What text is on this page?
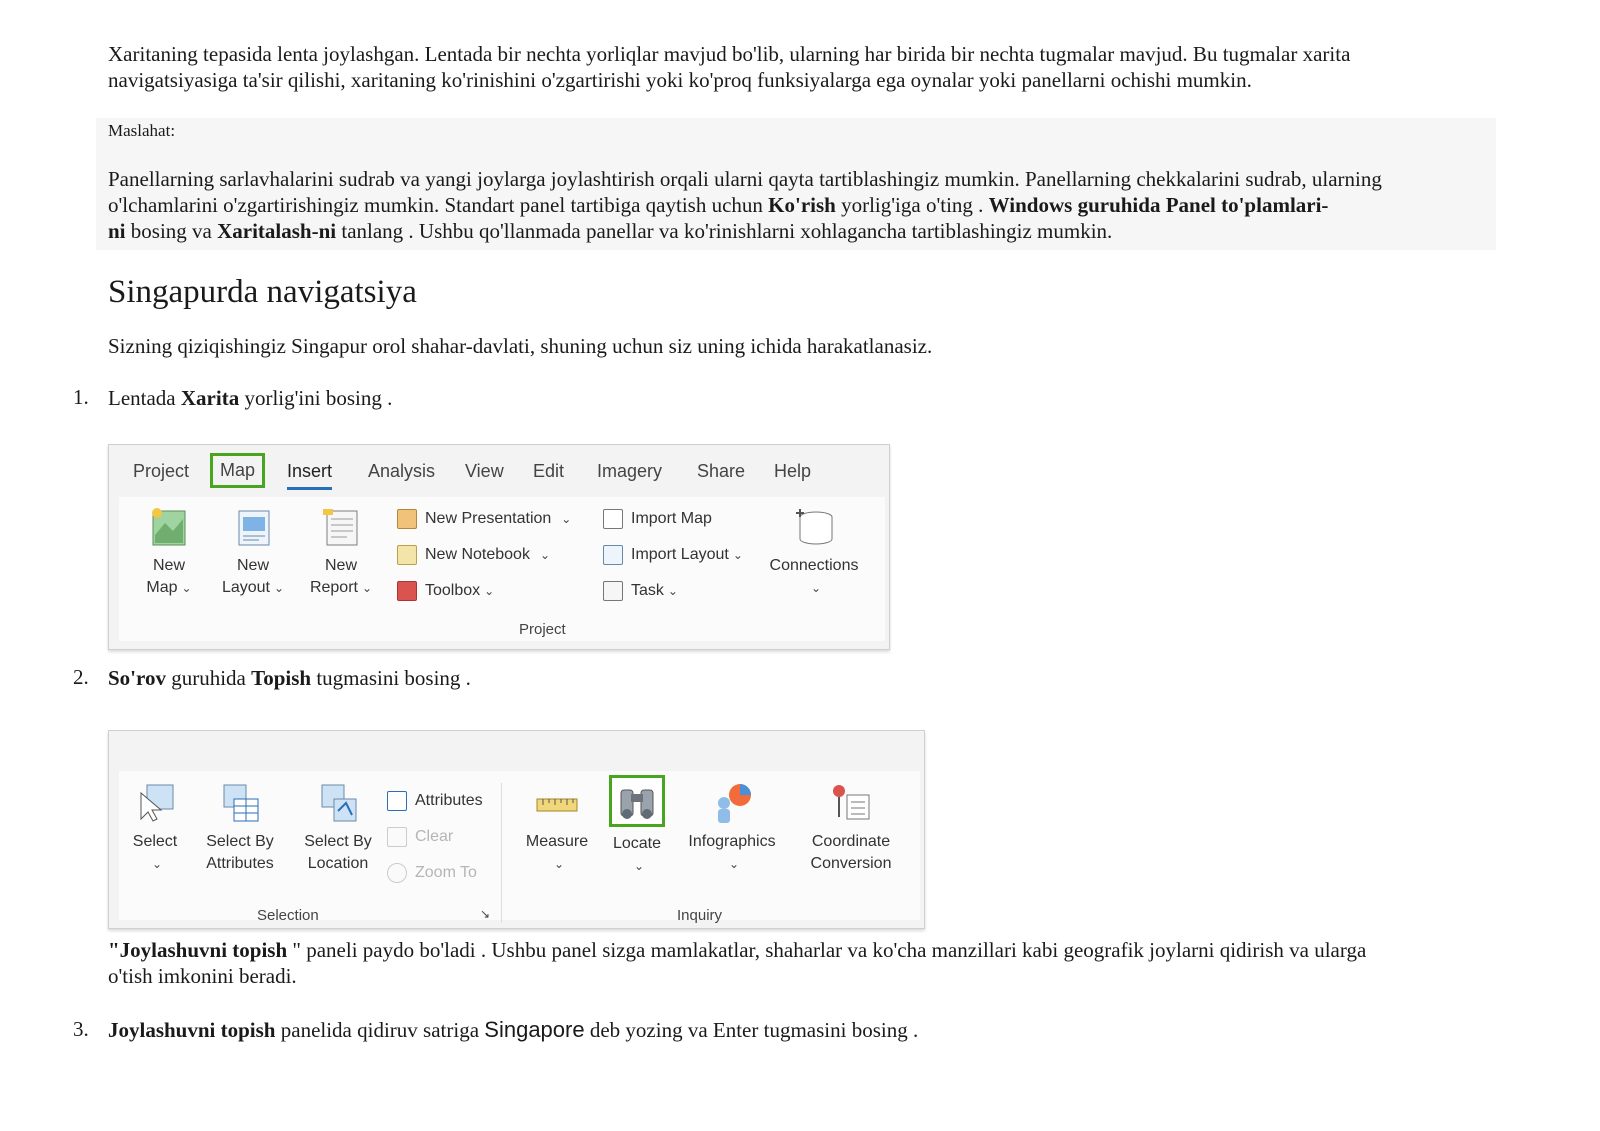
Xaritaning tepasida lenta joylashgan. Lentada bir nechta yorliqlar mavjud bo'lib, ularning har birida bir nechta tugmalar mavjud. Bu tugmalar xarita
navigatsiyasiga ta'sir qilishi, xaritaning ko'rinishini o'zgartirishi yoki ko'proq funksiyalarga ega oynalar yoki panellarni ochishi mumkin.
Maslahat:
Panellarning sarlavhalarini sudrab va yangi joylarga joylashtirish orqali ularni qayta tartiblashingiz mumkin. Panellarning chekkalarini sudrab, ularning
o'lchamlarini o'zgartirishingiz mumkin. Standart panel tartibiga qaytish uchun Ko'rish yorlig'iga o'ting . Windows guruhida Panel to'plamlari-
ni bosing va Xaritalash-ni tanlang . Ushbu qo'llanmada panellar va ko'rinishlarni xohlagancha tartiblashingiz mumkin.
Singapurda navigatsiya
Sizning qiziqishingiz Singapur orol shahar-davlati, shuning uchun siz uning ichida harakatlanasiz.
1. Lentada Xarita yorlig'ini bosing .
Project	Map	Insert Analysis View Edit Imagery Share Help
New
Map ⌄
New
Layout ⌄
New
Report ⌄
New Presentation ⌄
New Notebook ⌄
Toolbox ⌄
Import Map
Import Layout ⌄
Task ⌄
Connections
⌄
Project
2. So'rov guruhida Topish tugmasini bosing .
Select
⌄
Select By
Attributes
Select By
Location
Attributes
Clear
Zoom To
Selection	↘
Measure
⌄
Locate
⌄
Infographics
⌄
Coordinate
Conversion
Inquiry
"Joylashuvni topish " paneli paydo bo'ladi . Ushbu panel sizga mamlakatlar, shaharlar va ko'cha manzillari kabi geografik joylarni qidirish va ularga
o'tish imkonini beradi.
3. Joylashuvni topish panelida qidiruv satriga Singapore deb yozing va Enter tugmasini bosing .
